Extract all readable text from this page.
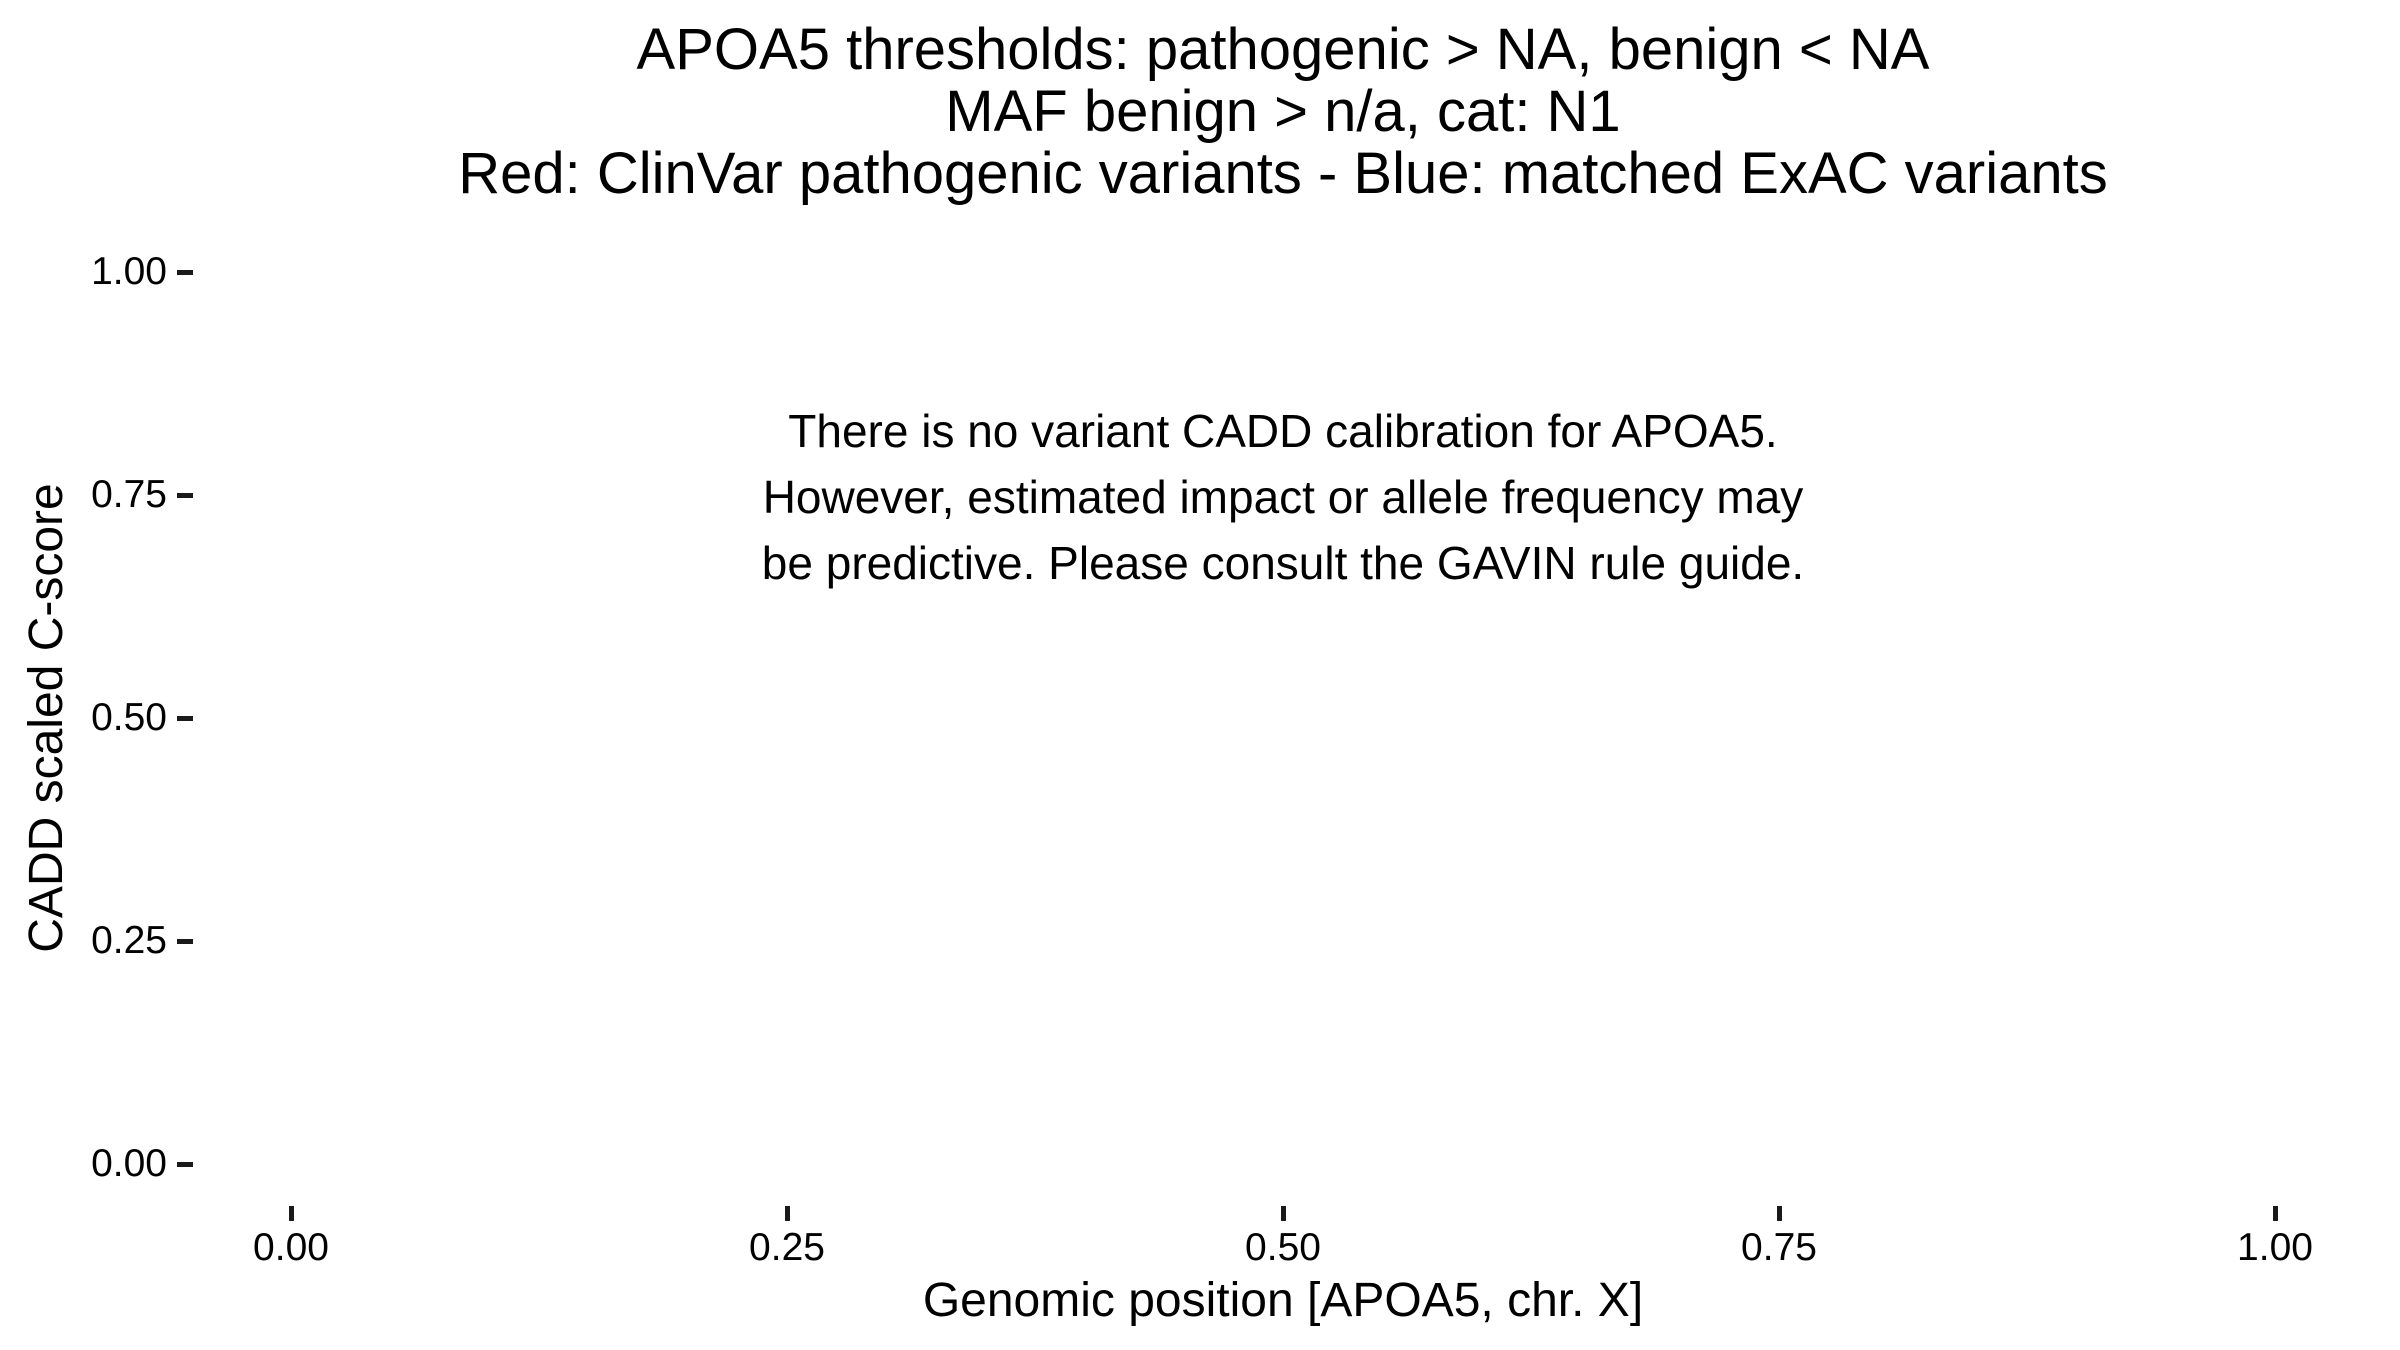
APOA5 thresholds: pathogenic > NA, benign < NA
MAF benign > n/a, cat: N1
Red: ClinVar pathogenic variants - Blue: matched ExAC variants
There is no variant CADD calibration for APOA5.
However, estimated impact or allele frequency may
be predictive. Please consult the GAVIN rule guide.
1.00
0.75
0.50
0.25
0.00
0.00	0.25	0.50	0.75	1.00
CADD scaled C-score
Genomic position [APOA5, chr. X]
